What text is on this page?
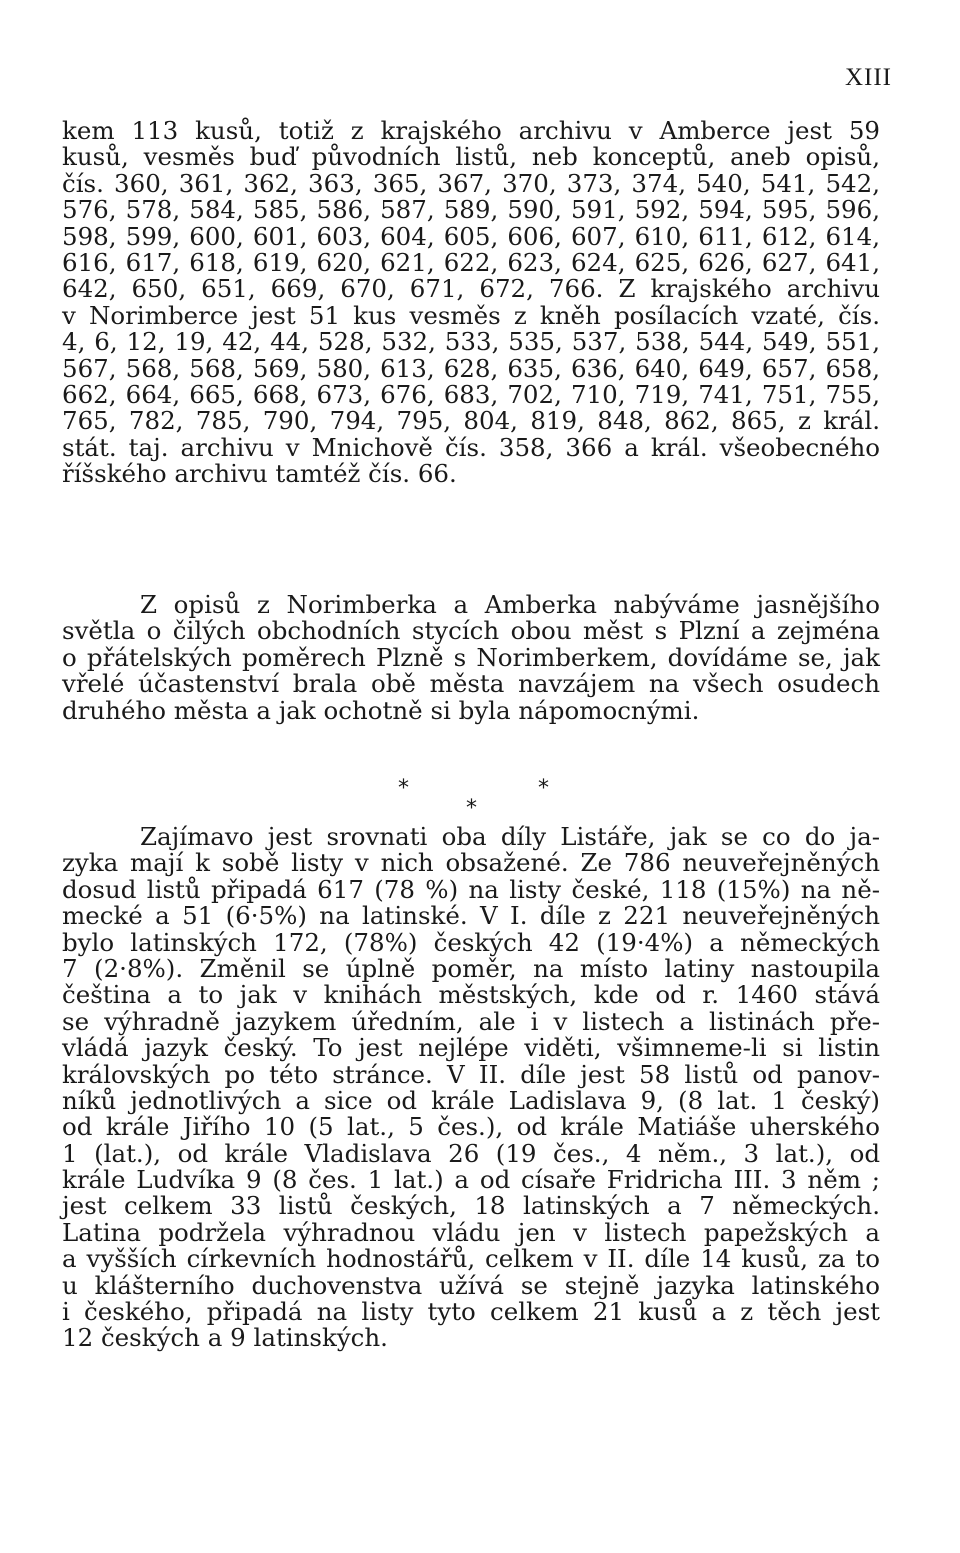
XIII
kem 113 kusů, totiž z krajského archivu v Amberce jest 59
kusů, vesměs buď původních listů, neb konceptů, aneb opisů,
čís. 360, 361, 362, 363, 365, 367, 370, 373, 374, 540, 541, 542,
576, 578, 584, 585, 586, 587, 589, 590, 591, 592, 594, 595, 596,
598, 599, 600, 601, 603, 604, 605, 606, 607, 610, 611, 612, 614,
616, 617, 618, 619, 620, 621, 622, 623, 624, 625, 626, 627, 641,
642, 650, 651, 669, 670, 671, 672, 766. Z krajského archivu
v Norimberce jest 51 kus vesměs z kněh posílacích vzaté, čís.
4, 6, 12, 19, 42, 44, 528, 532, 533, 535, 537, 538, 544, 549, 551,
567, 568, 568, 569, 580, 613, 628, 635, 636, 640, 649, 657, 658,
662, 664, 665, 668, 673, 676, 683, 702, 710, 719, 741, 751, 755,
765, 782, 785, 790, 794, 795, 804, 819, 848, 862, 865, z král.
stát. taj. archivu v Mnichově čís. 358, 366 a král. všeobecného
říšského archivu tamtéž čís. 66.
Z opisů z Norimberka a Amberka nabýváme jasnějšího
světla o čilých obchodních stycích obou měst s Plzní a zejména
o přátelských poměrech Plzně s Norimberkem, dovídáme se, jak
vřelé účastenství brala obě města navzájem na všech osudech
druhého města a jak ochotně si byla nápomocnými.
*
*
*
Zajímavo jest srovnati oba díly Listáře, jak se co do ja-
zyka mají k sobě listy v nich obsažené. Ze 786 neuveřejněných
dosud listů připadá 617 (78 %) na listy české, 118 (15%) na ně-
mecké a 51 (6·5%) na latinské. V I. díle z 221 neuveřejněných
bylo latinských 172, (78%) českých 42 (19·4%) a německých
7 (2·8%). Změnil se úplně poměr, na místo latiny nastoupila
čeština a to jak v knihách městských, kde od r. 1460 stává
se výhradně jazykem úředním, ale i v listech a listinách pře-
vládá jazyk český. To jest nejlépe viděti, všimneme-li si listin
královských po této stránce. V II. díle jest 58 listů od panov-
níků jednotlivých a sice od krále Ladislava 9, (8 lat. 1 český)
od krále Jiřího 10 (5 lat., 5 čes.), od krále Matiáše uherského
1 (lat.), od krále Vladislava 26 (19 čes., 4 něm., 3 lat.), od
krále Ludvíka 9 (8 čes. 1 lat.) a od císaře Fridricha III. 3 něm ;
jest celkem 33 listů českých, 18 latinských a 7 německých.
Latina podržela výhradnou vládu jen v listech papežských a
a vyšších církevních hodnostářů, celkem v II. díle 14 kusů, za to
u klášterního duchovenstva užívá se stejně jazyka latinského
i českého, připadá na listy tyto celkem 21 kusů a z těch jest
12 českých a 9 latinských.
